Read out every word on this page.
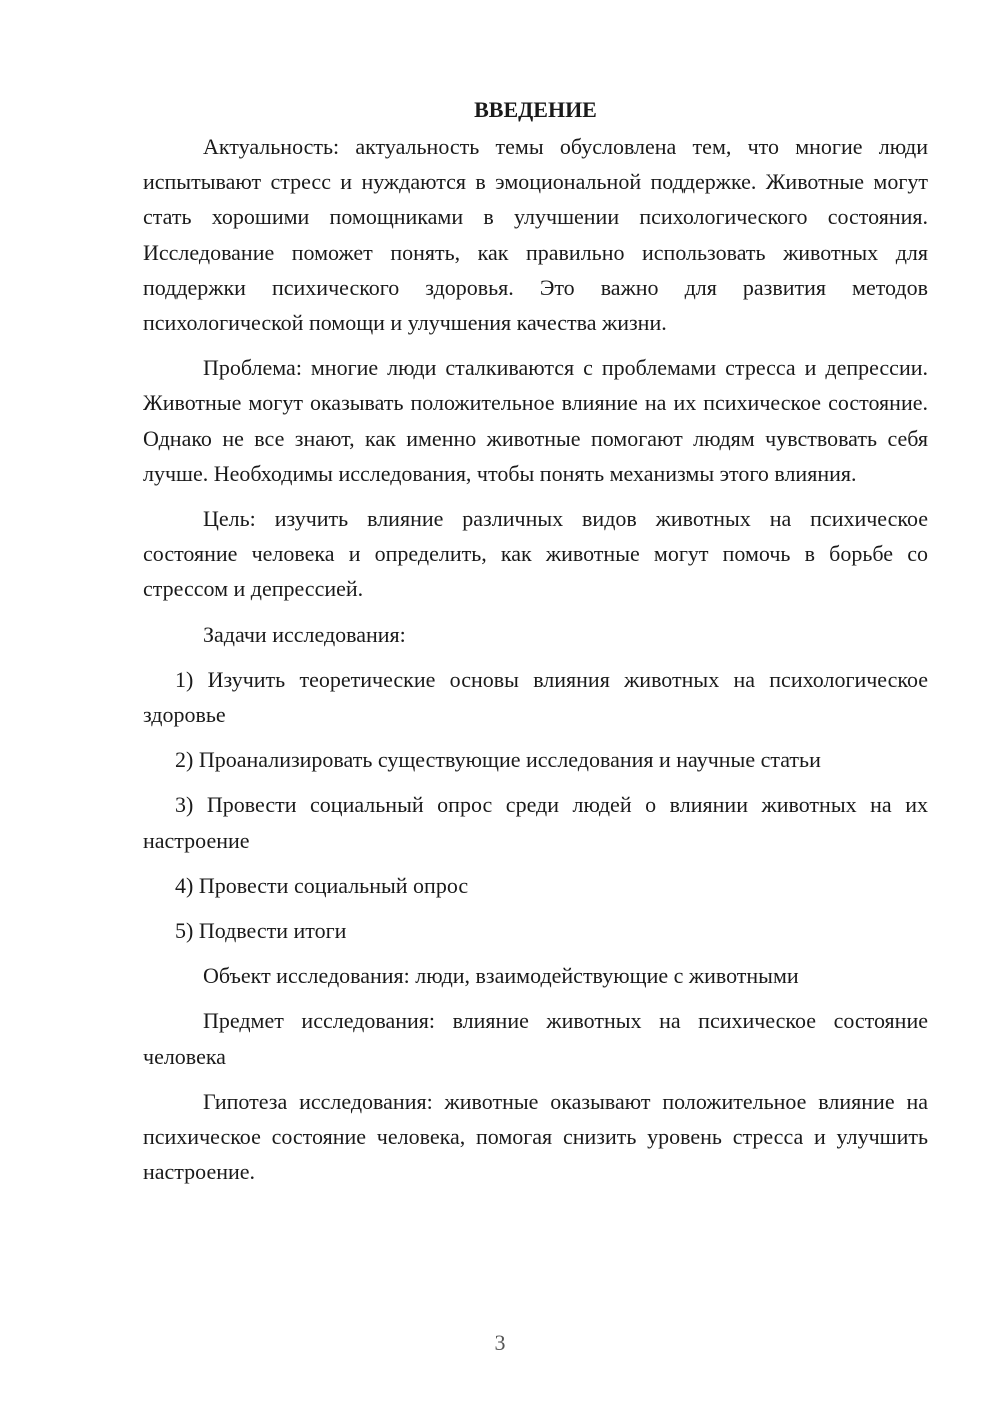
ВВЕДЕНИЕ

Актуальность: актуальность темы обусловлена тем, что многие люди испытывают стресс и нуждаются в эмоциональной поддержке. Животные могут стать хорошими помощниками в улучшении психологического состояния. Исследование поможет понять, как правильно использовать животных для поддержки психического здоровья. Это важно для развития методов психологической помощи и улучшения качества жизни.

Проблема: многие люди сталкиваются с проблемами стресса и депрессии. Животные могут оказывать положительное влияние на их психическое состояние. Однако не все знают, как именно животные помогают людям чувствовать себя лучше. Необходимы исследования, чтобы понять механизмы этого влияния.

Цель: изучить влияние различных видов животных на психическое состояние человека и определить, как животные могут помочь в борьбе со стрессом и депрессией.

Задачи исследования:

1) Изучить теоретические основы влияния животных на психологическое здоровье

2) Проанализировать существующие исследования и научные статьи

3) Провести социальный опрос среди людей о влиянии животных на их настроение

4) Провести социальный опрос

5) Подвести итоги

Объект исследования: люди, взаимодействующие с животными

Предмет исследования: влияние животных на психическое состояние человека

Гипотеза исследования: животные оказывают положительное влияние на психическое состояние человека, помогая снизить уровень стресса и улучшить настроение.

3
